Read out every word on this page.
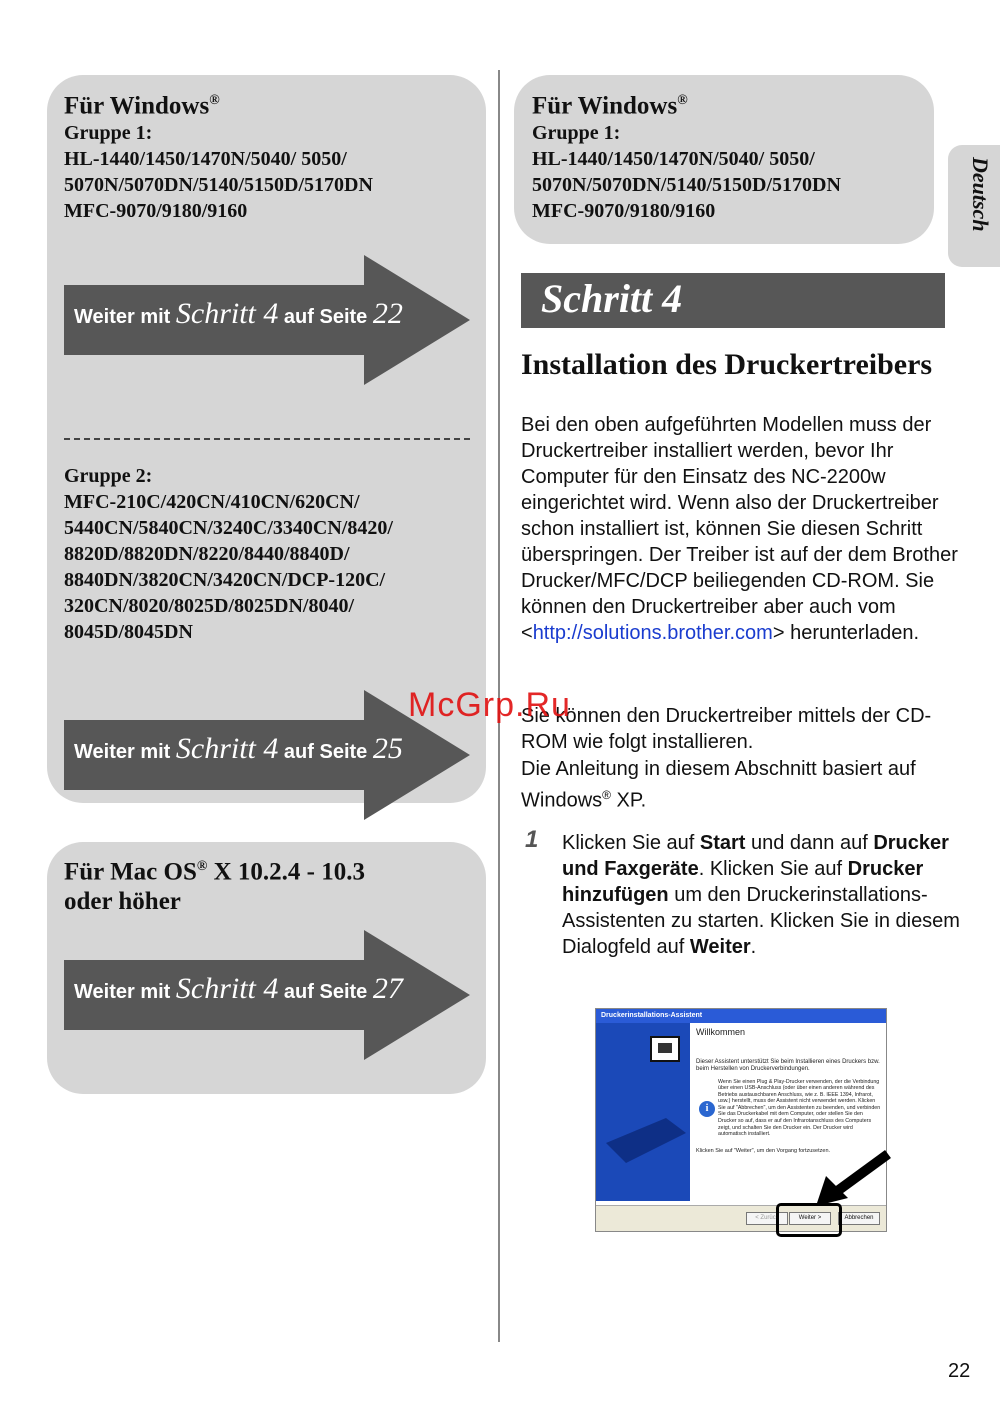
Für Windows®

Gruppe 1:
HL-1440/1450/1470N/5040/ 5050/
5070N/5070DN/5140/5150D/5170DN
MFC-9070/9180/9160

Weiter mit Schritt 4 auf Seite 22

Gruppe 2:
MFC-210C/420CN/410CN/620CN/
5440CN/5840CN/3240C/3340CN/8420/
8820D/8820DN/8220/8440/8840D/
8840DN/3820CN/3420CN/DCP-120C/
320CN/8020/8025D/8025DN/8040/
8045D/8045DN

Weiter mit Schritt 4 auf Seite 25
Für Mac OS® X 10.2.4 - 10.3
oder höher
Weiter mit Schritt 4 auf Seite 27
Für Windows®

Gruppe 1:
HL-1440/1450/1470N/5040/ 5050/
5070N/5070DN/5140/5150D/5170DN
MFC-9070/9180/9160

Schritt 4
Installation des Druckertreibers

Bei den oben aufgeführten Modellen muss der Druckertreiber installiert werden, bevor Ihr Computer für den Einsatz des NC-2200w eingerichtet wird. Wenn also der Druckertreiber schon installiert ist, können Sie diesen Schritt überspringen. Der Treiber ist auf der dem Brother Drucker/MFC/DCP beiliegenden CD-ROM. Sie können den Druckertreiber aber auch vom <http://solutions.brother.com> herunterladen.

Sie können den Druckertreiber mittels der CD-ROM wie folgt installieren.

Die Anleitung in diesem Abschnitt basiert auf Windows® XP.

1 Klicken Sie auf Start und dann auf Drucker und Faxgeräte. Klicken Sie auf Drucker hinzufügen um den Druckerinstallations-Assistenten zu starten. Klicken Sie in diesem Dialogfeld auf Weiter.

Druckerinstallations-Assistent
Willkommen
Dieser Assistent unterstützt Sie beim Installieren eines Druckers bzw. beim Herstellen von Druckerverbindungen.
Wenn Sie einen Plug & Play-Drucker verwenden, der die Verbindung über einen USB-Anschluss (oder über einen anderen während des Betriebs austauschbaren Anschluss, wie z. B. IEEE 1394, Infrarot, usw.) herstellt, muss der Assistent nicht verwendet werden. Klicken Sie auf "Abbrechen", um den Assistenten zu beenden, und verbinden Sie das Druckerkabel mit dem Computer, oder stellen Sie den Drucker so auf, dass er auf den Infrarotanschluss des Computers zeigt, und schalten Sie den Drucker ein. Der Drucker wird automatisch installiert.
Klicken Sie auf "Weiter", um den Vorgang fortzusetzen.
i
< Zurück	Weiter >	Abbrechen
Deutsch
22
McGrp.Ru
